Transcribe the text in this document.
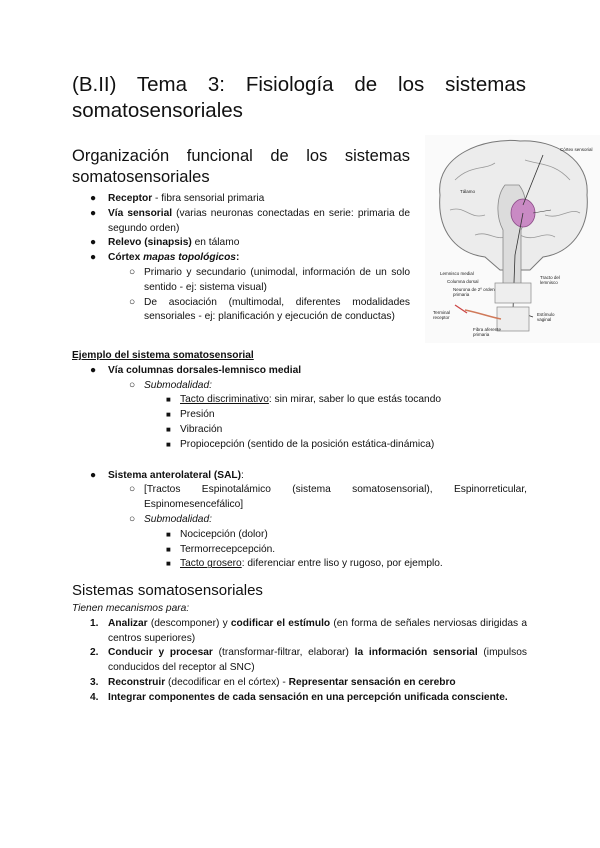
(B.II) Tema 3: Fisiología de los sistemas
somatosensoriales
Organización funcional de los sistemas
somatosensoriales
● Receptor - fibra sensorial primaria
● Vía sensorial (varias neuronas conectadas en serie: primaria de segundo orden)
● Relevo (sinapsis) en tálamo
● Córtex mapas topológicos:
○ Primario y secundario (unimodal, información de un solo sentido - ej: sistema visual)
○ De asociación (multimodal, diferentes modalidades sensoriales - ej: planificación y ejecución de conductas)
Córtex sensorial
Tálamo
Lemnisco medial
Columna dorsal
Neurona de 2º orden
primaria
Tracto del lemnisco
Terminal receptor
Fibra aferente primaria
Estímulo vaginal
Ejemplo del sistema somatosensorial
● Vía columnas dorsales-lemnisco medial
○ Submodalidad:
■ Tacto discriminativo: sin mirar, saber lo que estás tocando
■ Presión
■ Vibración
■ Propiocepción (sentido de la posición estática-dinámica)
● Sistema anterolateral (SAL):
○ [Tractos Espinotalámico (sistema somatosensorial), Espinorreticular, Espinomesencefálico]
○ Submodalidad:
■ Nocicepción (dolor)
■ Termorrecepcepción.
■ Tacto grosero: diferenciar entre liso y rugoso, por ejemplo.
Sistemas somatosensoriales
Tienen mecanismos para:
1. Analizar (descomponer) y codificar el estímulo (en forma de señales nerviosas dirigidas a centros superiores)
2. Conducir y procesar (transformar-filtrar, elaborar) la información sensorial (impulsos conducidos del receptor al SNC)
3. Reconstruir (decodificar en el córtex) - Representar sensación en cerebro
4. Integrar componentes de cada sensación en una percepción unificada consciente.
